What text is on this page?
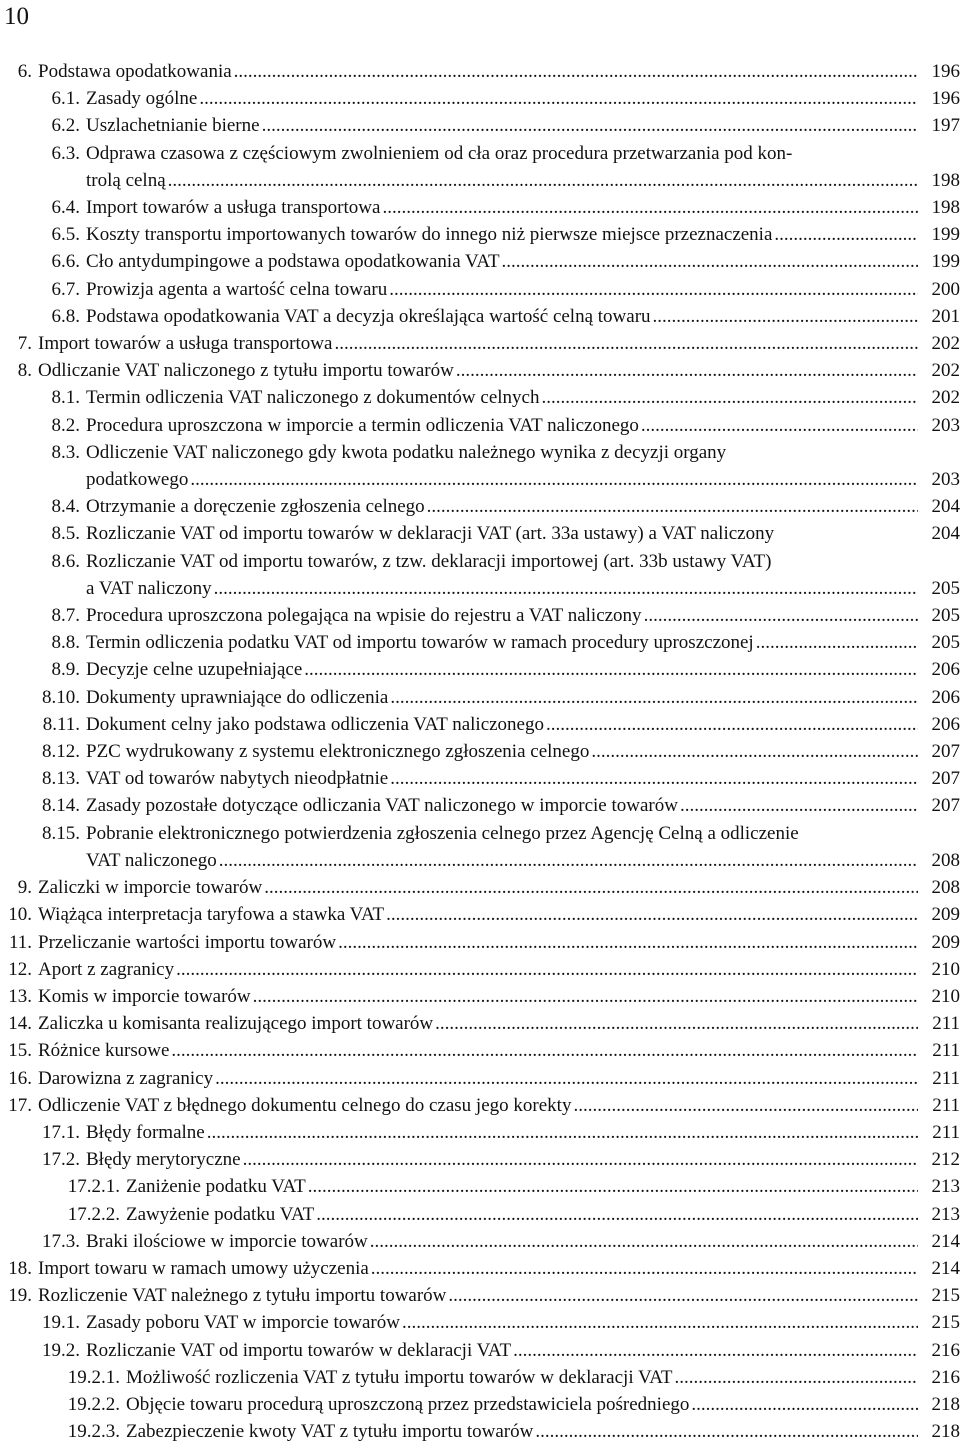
10
6. Podstawa opodatkowania .....	196
6.1. Zasady ogólne .....	196
6.2. Uszlachetnianie bierne .....	197
6.3. Odprawa czasowa z częściowym zwolnieniem od cła oraz procedura przetwarzania pod kon-
trolą celną .....	198
6.4. Import towarów a usługa transportowa .....	198
6.5. Koszty transportu importowanych towarów do innego niż pierwsze miejsce przeznaczenia .....	199
6.6. Cło antydumpingowe a podstawa opodatkowania VAT .....	199
6.7. Prowizja agenta a wartość celna towaru .....	200
6.8. Podstawa opodatkowania VAT a decyzja określająca wartość celną towaru .....	201
7. Import towarów a usługa transportowa .....	202
8. Odliczanie VAT naliczonego z tytułu importu towarów .....	202
8.1. Termin odliczenia VAT naliczonego z dokumentów celnych .....	202
8.2. Procedura uproszczona w imporcie a termin odliczenia VAT naliczonego .....	203
8.3. Odliczenie VAT naliczonego gdy kwota podatku należnego wynika z decyzji organy
podatkowego .....	203
8.4. Otrzymanie a doręczenie zgłoszenia celnego .....	204
8.5. Rozliczanie VAT od importu towarów w deklaracji VAT (art. 33a ustawy) a VAT naliczony	204
8.6. Rozliczanie VAT od importu towarów, z tzw. deklaracji importowej (art. 33b ustawy VAT)
a VAT naliczony .....	205
8.7. Procedura uproszczona polegająca na wpisie do rejestru a VAT naliczony .....	205
8.8. Termin odliczenia podatku VAT od importu towarów w ramach procedury uproszczonej .....	205
8.9. Decyzje celne uzupełniające .....	206
8.10. Dokumenty uprawniające do odliczenia .....	206
8.11. Dokument celny jako podstawa odliczenia VAT naliczonego .....	206
8.12. PZC wydrukowany z systemu elektronicznego zgłoszenia celnego .....	207
8.13. VAT od towarów nabytych nieodpłatnie .....	207
8.14. Zasady pozostałe dotyczące odliczania VAT naliczonego w imporcie towarów .....	207
8.15. Pobranie elektronicznego potwierdzenia zgłoszenia celnego przez Agencję Celną a odliczenie
VAT naliczonego .....	208
9. Zaliczki w imporcie towarów .....	208
10. Wiążąca interpretacja taryfowa a stawka VAT .....	209
11. Przeliczanie wartości importu towarów .....	209
12. Aport z zagranicy .....	210
13. Komis w imporcie towarów .....	210
14. Zaliczka u komisanta realizującego import towarów .....	211
15. Różnice kursowe .....	211
16. Darowizna z zagranicy .....	211
17. Odliczenie VAT z błędnego dokumentu celnego do czasu jego korekty .....	211
17.1. Błędy formalne .....	211
17.2. Błędy merytoryczne .....	212
17.2.1. Zaniżenie podatku VAT .....	213
17.2.2. Zawyżenie podatku VAT .....	213
17.3. Braki ilościowe w imporcie towarów .....	214
18. Import towaru w ramach umowy użyczenia .....	214
19. Rozliczenie VAT należnego z tytułu importu towarów .....	215
19.1. Zasady poboru VAT w imporcie towarów .....	215
19.2. Rozliczanie VAT od importu towarów w deklaracji VAT .....	216
19.2.1. Możliwość rozliczenia VAT z tytułu importu towarów w deklaracji VAT .....	216
19.2.2. Objęcie towaru procedurą uproszczoną przez przedstawiciela pośredniego .....	218
19.2.3. Zabezpieczenie kwoty VAT z tytułu importu towarów .....	218
